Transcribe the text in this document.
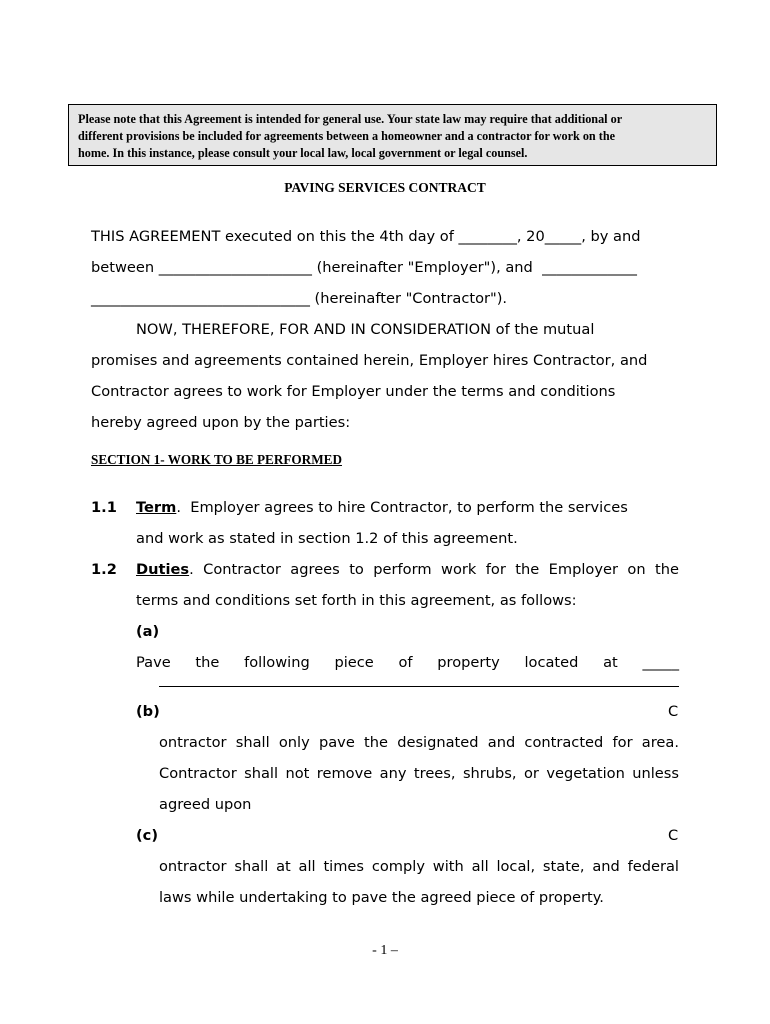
Please note that this Agreement is intended for general use. Your state law may require that additional or
different provisions be included for agreements between a homeowner and a contractor for work on the
home. In this instance, please consult your local law, local government or legal counsel.
PAVING SERVICES CONTRACT
THIS AGREEMENT executed on this the 4th day of ________, 20_____, by and
between _____________________ (hereinafter "Employer"), and  _____________
______________________________ (hereinafter "Contractor").
NOW, THEREFORE, FOR AND IN CONSIDERATION of the mutual
promises and agreements contained herein, Employer hires Contractor, and
Contractor agrees to work for Employer under the terms and conditions
hereby agreed upon by the parties:
SECTION 1- WORK TO BE PERFORMED
1.1 Term.  Employer agrees to hire Contractor, to perform the services
and work as stated in section 1.2 of this agreement.
1.2 Duties. Contractor agrees to perform work for the Employer on the
terms and conditions set forth in this agreement, as follows:
(a)
Pave the following piece of property located at _____
(b)	C
ontractor shall only pave the designated and contracted for area.
Contractor shall not remove any trees, shrubs, or vegetation unless
agreed upon
(c)	C
ontractor shall at all times comply with all local, state, and federal
laws while undertaking to pave the agreed piece of property.
- 1 –
